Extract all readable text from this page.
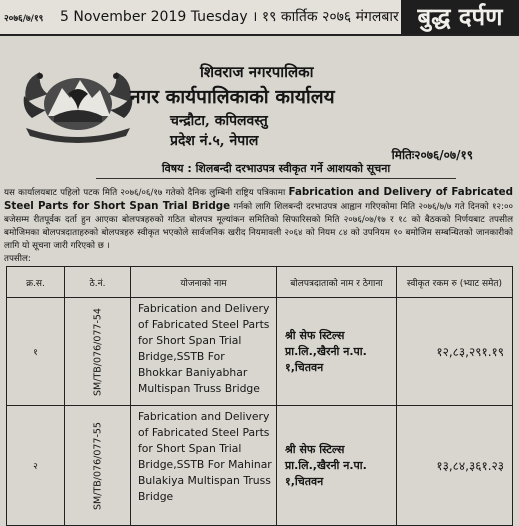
२०७६/७/१९ 5 November 2019 Tuesday । १९ कार्तिक २०७६ मंगलबार बुद्ध दर्पण
शिवराज नगरपालिका
नगर कार्यपालिकाको कार्यालय
चन्द्रौटा, कपिलवस्तु
प्रदेश नं.५, नेपाल
मितिः२०७६/०७/१९
विषय : शिलबन्दी दरभाउपत्र स्वीकृत गर्ने आशयको सूचना
यस कार्यालयबाट पहिलो पटक मिति २०७६/०६/१७ गतेको दैनिक लुम्बिनी राष्ट्रिय पत्रिकामा Fabrication and Delivery of Fabricated Steel Parts for Short Span Trial Bridge गर्नको लागि शिलबन्दी दरभाउपत्र आह्वान गरिएकोमा मिति २०७६/७/७ गते दिनको १२:०० बजेसम्म रीतपूर्वक दर्ता हुन आएका बोलपत्रहरुको गठित बोलपत्र मूल्यांकन समितिको सिफारिसको मिति २०७६/०७/१७ र १८ को बैठकको निर्णयबाट तपसील बमोजिमका बोलपत्रदाताहरुको बोलपत्रहरु स्वीकृत भएकोले सार्वजनिक खरीद नियमावली २०६४ को नियम ८४ को उपनियम १० बमोजिम सम्बन्धितको जानकारीको लागि यो सूचना जारी गरिएको छ ।
तपसील:
क्र.स.	ठे.नं.	योजनाको नाम	बोलपत्रदाताको नाम र ठेगाना	स्वीकृत रकम रु (भ्याट समेत)
१	SM/TB/076/077-54	Fabrication and Delivery of Fabricated Steel Parts for Short Span Trial Bridge,SSTB For Bhokkar Baniyabhar Multispan Truss Bridge	श्री सेफ स्टिल्स
प्रा.लि.,खैरनी न.पा.
१,चितवन	१२,८३,२९१.१९
२	SM/TB/076/077-55	Fabrication and Delivery of Fabricated Steel Parts for Short Span Trial Bridge,SSTB For Mahinar Bulakiya Multispan Truss Bridge	श्री सेफ स्टिल्स
प्रा.लि.,खैरनी न.पा.
१,चितवन	१३,८४,३६१.२३
